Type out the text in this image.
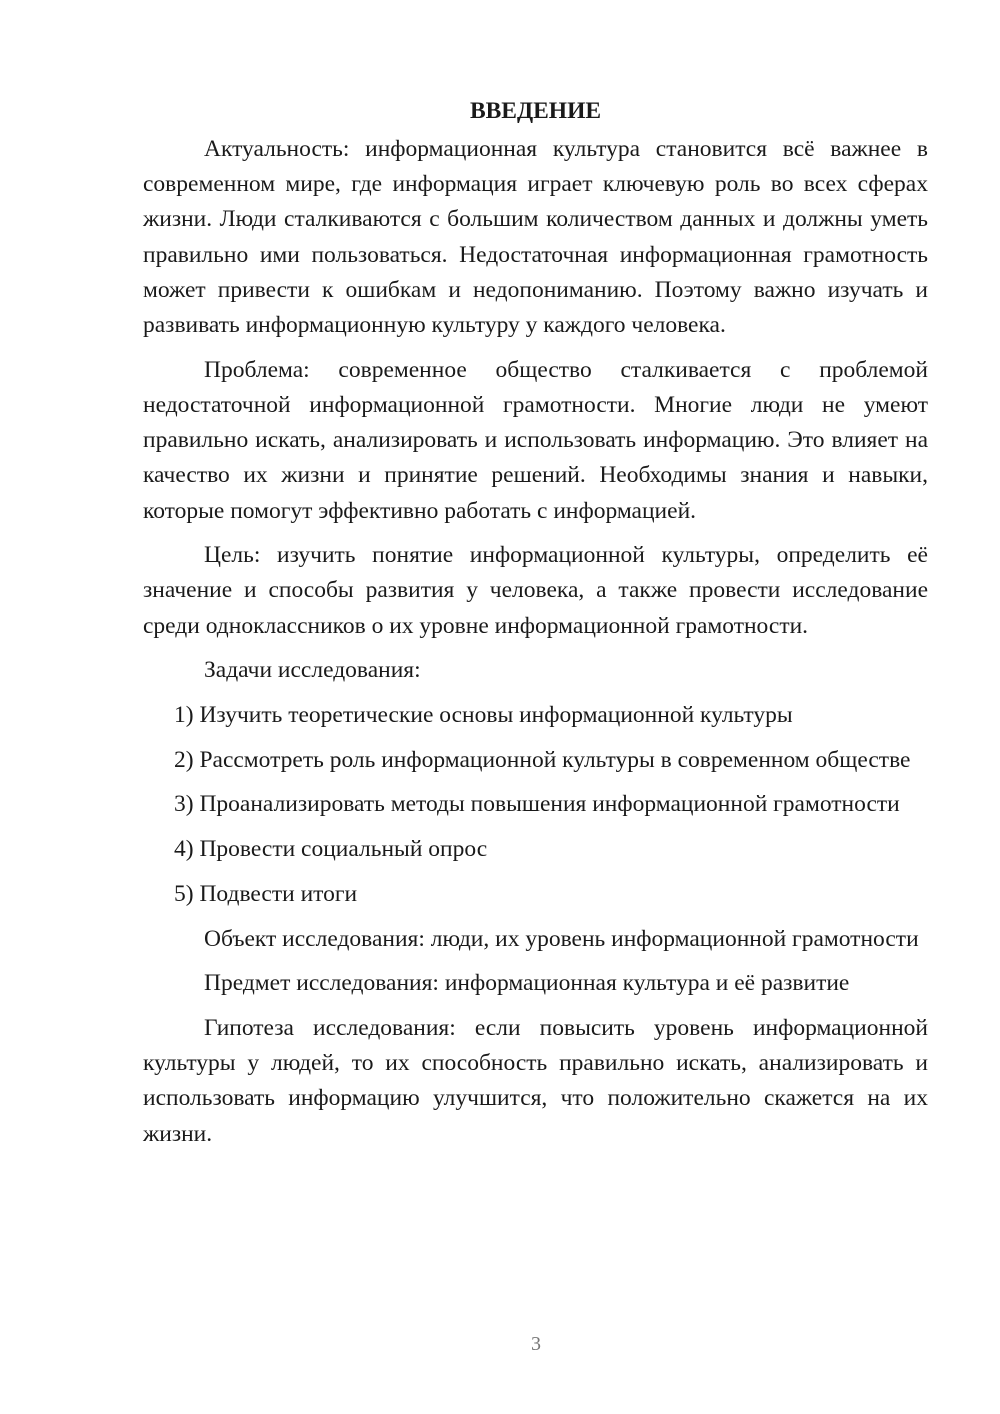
ВВЕДЕНИЕ

Актуальность: информационная культура становится всё важнее в современном мире, где информация играет ключевую роль во всех сферах жизни. Люди сталкиваются с большим количеством данных и должны уметь правильно ими пользоваться. Недостаточная информационная грамотность может привести к ошибкам и недопониманию. Поэтому важно изучать и развивать информационную культуру у каждого человека.

Проблема: современное общество сталкивается с проблемой недостаточной информационной грамотности. Многие люди не умеют правильно искать, анализировать и использовать информацию. Это влияет на качество их жизни и принятие решений. Необходимы знания и навыки, которые помогут эффективно работать с информацией.

Цель: изучить понятие информационной культуры, определить её значение и способы развития у человека, а также провести исследование среди одноклассников о их уровне информационной грамотности.

Задачи исследования:

1) Изучить теоретические основы информационной культуры

2) Рассмотреть роль информационной культуры в современном обществе

3) Проанализировать методы повышения информационной грамотности

4) Провести социальный опрос

5) Подвести итоги

Объект исследования: люди, их уровень информационной грамотности

Предмет исследования: информационная культура и её развитие

Гипотеза исследования: если повысить уровень информационной культуры у людей, то их способность правильно искать, анализировать и использовать информацию улучшится, что положительно скажется на их жизни.

3
